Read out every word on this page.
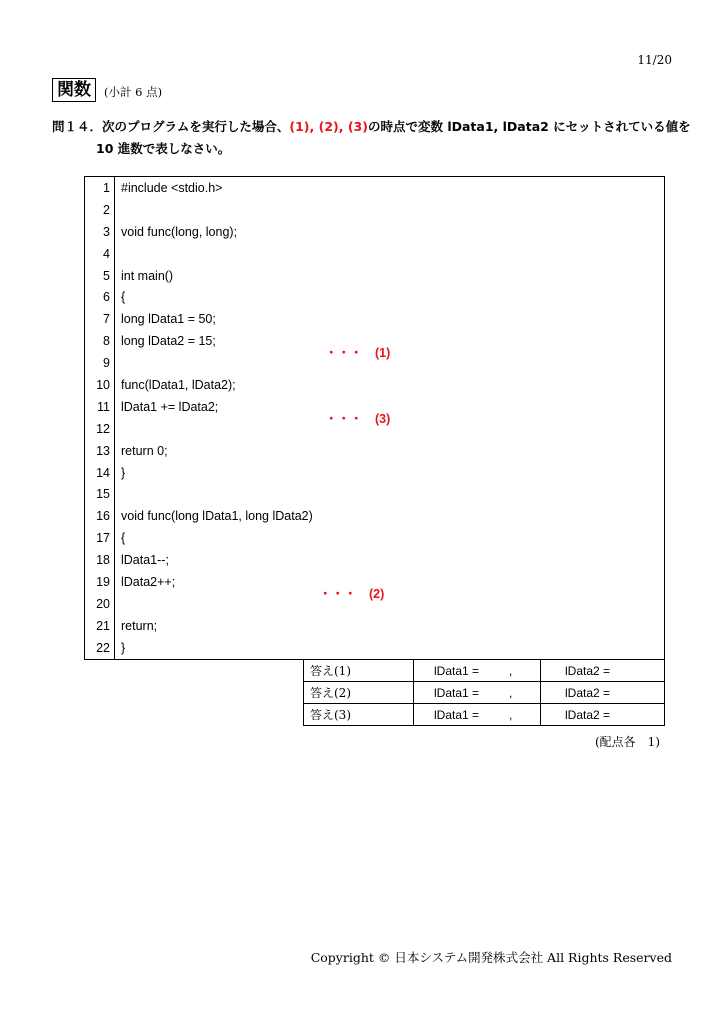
11/20
関数	(小計 6 点)
問１４．次のプログラムを実行した場合、(1), (2), (3)の時点で変数 lData1, lData2 にセットされている値を
10 進数で表しなさい。
1	#include <stdio.h>
2	
3	void func(long, long);
4	
5	int main()
6	{
7	long lData1 = 50;
8	long lData2 = 15;
9	・・・　(1)

10	func(lData1, lData2);
11	lData1 += lData2;
12	・・・　(3)

13	return 0;
14	}
15	
16	void func(long lData1, long lData2)
17	{
18	lData1--;
19	lData2++;
20	・・・　(2)

21	return;
22	}
答え(1)	lData1 = ,	lData2 =
答え(2)	lData1 = ,	lData2 =
答え(3)	lData1 = ,	lData2 =
(配点各　1)
Copyright © 日本システム開発株式会社 All Rights Reserved
